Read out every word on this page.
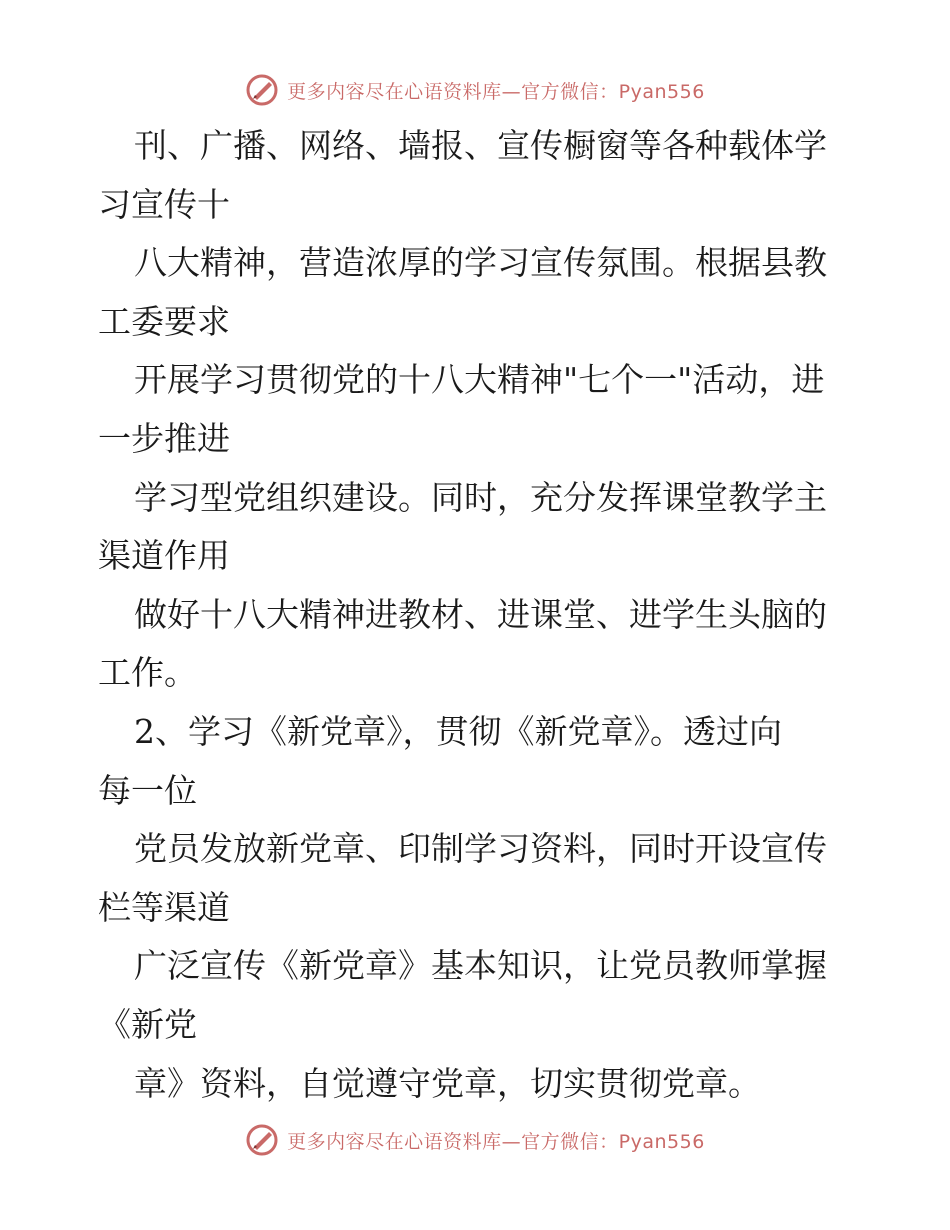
更多内容尽在心语资料库—官方微信：Pyan556
刊、广播、网络、墙报、宣传橱窗等各种载体学
习宣传十
八大精神，营造浓厚的学习宣传氛围。根据县教
工委要求
开展学习贯彻党的十八大精神"七个一"活动，进
一步推进
学习型党组织建设。同时，充分发挥课堂教学主
渠道作用
做好十八大精神进教材、进课堂、进学生头脑的
工作。
2、学习《新党章》，贯彻《新党章》。透过向
每一位
党员发放新党章、印制学习资料，同时开设宣传
栏等渠道
广泛宣传《新党章》基本知识，让党员教师掌握
《新党
章》资料，自觉遵守党章，切实贯彻党章。
更多内容尽在心语资料库—官方微信：Pyan556
